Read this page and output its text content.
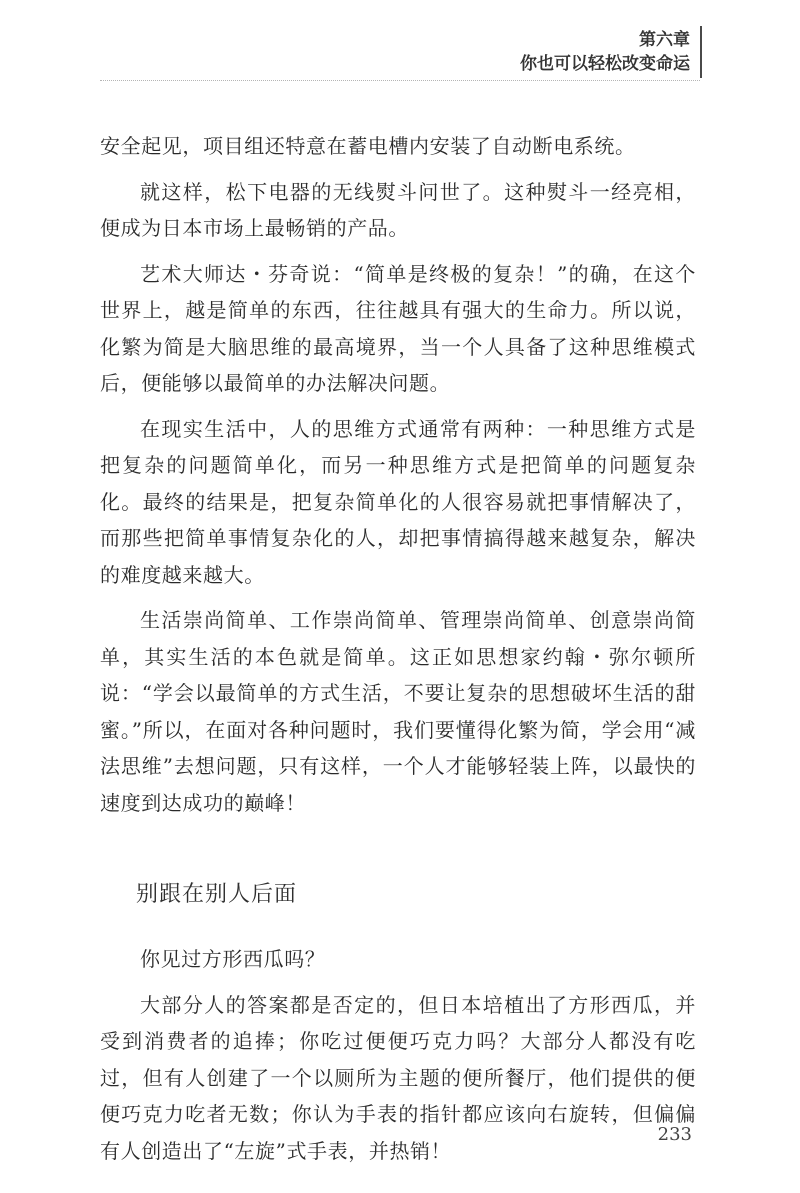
第六章
你也可以轻松改变命运

安全起见，项目组还特意在蓄电槽内安装了自动断电系统。

就这样，松下电器的无线熨斗问世了。这种熨斗一经亮相，便成为日本市场上最畅销的产品。

艺术大师达・芬奇说：“简单是终极的复杂！”的确，在这个世界上，越是简单的东西，往往越具有强大的生命力。所以说，化繁为简是大脑思维的最高境界，当一个人具备了这种思维模式后，便能够以最简单的办法解决问题。

在现实生活中，人的思维方式通常有两种：一种思维方式是把复杂的问题简单化，而另一种思维方式是把简单的问题复杂化。最终的结果是，把复杂简单化的人很容易就把事情解决了，而那些把简单事情复杂化的人，却把事情搞得越来越复杂，解决的难度越来越大。

生活崇尚简单、工作崇尚简单、管理崇尚简单、创意崇尚简单，其实生活的本色就是简单。这正如思想家约翰・弥尔顿所说：“学会以最简单的方式生活，不要让复杂的思想破坏生活的甜蜜。”所以，在面对各种问题时，我们要懂得化繁为简，学会用“减法思维”去想问题，只有这样，一个人才能够轻装上阵，以最快的速度到达成功的巅峰！

别跟在别人后面

你见过方形西瓜吗？

大部分人的答案都是否定的，但日本培植出了方形西瓜，并受到消费者的追捧；你吃过便便巧克力吗？大部分人都没有吃过，但有人创建了一个以厕所为主题的便所餐厅，他们提供的便便巧克力吃者无数；你认为手表的指针都应该向右旋转，但偏偏有人创造出了“左旋”式手表，并热销！

233
